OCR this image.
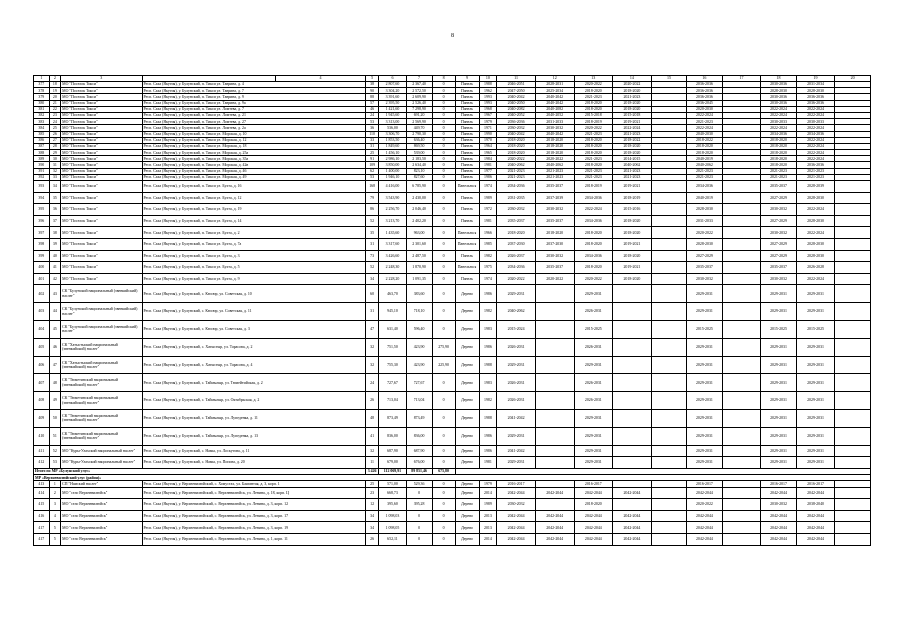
8
1	2	3		4	5	6	7	8	9	10	11	12	13	14	15	16	17	18	19	20
377	18	МО "Поселок Тикси"	Респ. Саха (Якутия), у. Булунский, п. Тикси ул. Таврина, д. 4		38	2 807,60	2 367,40	0	Панель	1988	2046-2051	2028-2031	2020-2022	2020-2022		2036-2036		2030-2036	2031-2034	
378	19	МО "Поселок Тикси"	Респ. Саха (Якутия), у. Булунский, п. Тикси ул. Таврина, д. 7		90	3 304,20	2 572,50	0	Панель	1962	2047-2050	2025-2034	2018-2020	2018-2020		2036-2036		2028-2030	2028-2030	
379	20	МО "Поселок Тикси"	Респ. Саха (Якутия), у. Булунский, п. Тикси ул. Таврина, д. 9		88	3 391,60	2 609,90	0	Панель	1993	2040-2042	2040-2042	2021-2023	2021-2023		2036-2036		2030-2036	2036-2036	
380	21	МО "Поселок Тикси"	Респ. Саха (Якутия), у. Булунский, п. Тикси ул. Таврина, д. 9а		57	2 395,50	2 526,40	0	Панель	1993	2040-2050	2040-2042	2018-2020	2018-2020		2036-2045		2030-2036	2036-2036	
381	22	МО "Поселок Тикси"	Респ. Саха (Якутия), у. Булунский, п. Тикси ул. Ломтева, д. 7		46	1 421,60	7 298,90	0	Панель	1968	2040-2082	2040-2082	2018-2020	2018-2020		2020-2030		2022-2024	2022-2024	
382	23	МО "Поселок Тикси"	Респ. Саха (Якутия), у. Булунский, п. Тикси ул. Ломтева, д. 21		24	1 945,60	691,20	0	Панель	1967	2040-2052	2040-2052	2015-2018	2015-2018		2022-2024		2022-2024	2022-2024	
383	24	МО "Поселок Тикси"	Респ. Саха (Якутия), у. Булунский, п. Тикси ул. Ломтева, д. 27		53	3 313,00	2 569,90	0	Панель	1979	2036-2036	2031-2033	2018-2019	2019-2021		2021-2023		2030-2033	2030-2033	
384	25	МО "Поселок Тикси"	Респ. Саха (Якутия), у. Булунский, п. Тикси ул. Ломтева, д. 2а		36	536,00	449,70	0	Панель	1971	2030-2032	2030-2032	2020-2022	2022-2024		2022-2024		2022-2024	2022-2024	
385	26	МО "Поселок Тикси"	Респ. Саха (Якутия), у. Булунский, п. Тикси ул. Морская, д. 10		110	3 306,70	2 790,30	0	Панель	1990	2040-2042	2040-2042	2021-2023	2021-2023		2040-2030		2034-2036	2034-2036	
386	27	МО "Поселок Тикси"	Респ. Саха (Якутия), у. Булунский, п. Тикси ул. Морская, д. 12		33	1 853,50	636,40	0	Панель	1970	2018-2020	2018-2020	2018-2020	2018-2022		2018-2022		2018-2020	2022-2024	
387	28	МО "Поселок Тикси"	Респ. Саха (Якутия), у. Булунский, п. Тикси ул. Морская, д. 18		31	1 849,60	869,50	0	Панель	1964	2018-2020	2018-2020	2018-2020	2018-2020		2018-2020		2018-2020	2022-2024	
388	29	МО "Поселок Тикси"	Респ. Саха (Якутия), у. Булунский, п. Тикси ул. Морская, д. 25а		25	1 456,10	539,00	0	Панель	1965	2018-2020	2018-2020	2018-2020	2018-2020		2018-2020		2018-2020	2022-2024	
389	30	МО "Поселок Тикси"	Респ. Саха (Якутия), у. Булунский, п. Тикси ул. Морская, д. 35а		91	2 986,10	2 183,50	0	Панель	1984	2020-2022	2020-2022	2021-2023	2014-2015		2040-2019		2018-2020	2022-2024	
390	31	МО "Поселок Тикси"	Респ. Саха (Якутия), у. Булунский, п. Тикси ул. Морская, д. 42в		109	3 850,00	2 634,40	0	Панель	1981	2040-2062	2040-2062	2018-2020	2040-2062		2040-2062		2018-2020	2036-2036	
391	32	МО "Поселок Тикси"	Респ. Саха (Якутия), у. Булунский, п. Тикси ул. Морская, д. 46		62	1 400,00	823,10	0	Панель	1977	2021-2023	2021-2023	2021-2023	2021-2023		2021-2023		2021-2023	2021-2023	
392	33	МО "Поселок Тикси"	Респ. Саха (Якутия), у. Булунский, п. Тикси ул. Морская, д. 49		53	1 946,10	827,60	0	Панель	1986	2021-2023	2021-2023	2021-2023	2021-2023		2021-2023		2021-2023	2021-2023	
393	34	МО "Поселок Тикси"	Респ. Саха (Якутия), у. Булунский, п. Тикси ул. Бухта, д. 16		168	4 416,00	6 785,90	0	Панельна я	1974	2034-2036	2035-2037	2018-2019	2019-2021		2034-2036		2035-2037	2028-2039	
394	35	МО "Поселок Тикси"	Респ. Саха (Якутия), у. Булунский, п. Тикси ул. Бухта, д. 12		79	3 543,90	2 430,00	0	Панель	1989	2031-2035	2037-2039	2034-2036	2018-2019		2040-2019		2027-2029	2028-2030	
395	36	МО "Поселок Тикси"	Респ. Саха (Якутия), у. Булунский, п. Тикси ул. Бухта, д. 19		86	2 256,70	2 046,40	0	Панель	1972	2030-2032	2030-2032	2022-2024	2015-2016		2028-2030		2030-2032	2022-2024	
396	37	МО "Поселок Тикси"	Респ. Саха (Якутия), у. Булунский, п. Тикси ул. Бухта, д. 14		52	3 213,70	2 402,20	0	Панель	1981	2035-2037	2035-2037	2034-2036	2018-2020		2031-2033		2027-2029	2028-2030	
397	38	МО "Поселок Тикси"	Респ. Саха (Якутия), у. Булунский, п. Тикси ул. Бухта, д. 2		35	1 435,60	963,00	0	Панельна я	1966	2018-2020	2018-2020	2018-2020	2018-2020		2020-2022		2030-2032	2022-2024	
398	39	МО "Поселок Тикси"	Респ. Саха (Якутия), у. Булунский, п. Тикси ул. Бухта, д. 7а		31	3 317,60	2 301,60	0	Панельна я	1985	2037-2030	2037-2030	2018-2020	2019-2021		2028-2030		2027-2029	2028-2030	
399	40	МО "Поселок Тикси"	Респ. Саха (Якутия), у. Булунский, п. Тикси ул. Бухта, д. 3		73	3 426,60	2 487,50	0	Панель	1982	2026-2037	2030-2032	2034-2036	2018-2020		2027-2029		2027-2029	2028-2030	
400	41	МО "Поселок Тикси"	Респ. Саха (Якутия), у. Булунский, п. Тикси ул. Бухта, д. 5		52	2 248,30	1 870,90	0	Панельна я	1975	2034-2036	2035-2037	2018-2020	2019-2021		2035-2037		2035-2037	2026-2028	
401	42	МО "Поселок Тикси"	Респ. Саха (Якутия), у. Булунский, п. Тикси ул. Бухта, д. 9		34	2 228,20	1 091,35	0	Панель	1974	2020-2022	2020-2022	2020-2022	2018-2020		2030-2032		2030-2032	2022-2024	
402	43	СК "Булунский национальный (эвенкийский) наслег"	Респ. Саха (Якутия), у. Булунский, с. Кюсюр, ул. Советская, д. 10		60	463,70	383,60	0	Дерево	1986	2029-2031		2029-2031			2029-2031		2029-2031	2029-2031	
403	44	СК "Булунский национальный (эвенкийский) наслег"	Респ. Саха (Якутия), у. Булунский, с. Кюсюр, ул. Советская, д. 11		31	945,10	718,10	0	Дерево	1982	2040-2062		2026-2031			2029-2031		2029-2031	2029-2031	
404	45	СК "Булунский национальный (эвенкийский) наслег"	Респ. Саха (Якутия), у. Булунский, с. Кюсюр, ул. Советская, д. 3		47	631,40	596,40	0	Дерево	1983	2015-2024		2015-2025			2015-2025		2015-2025	2015-2025	
405	46	СК "Хатыстыский национальный (эвенкийский) наслег"	Респ. Саха (Якутия), у. Булунский, с. Хатыстыр, ул. Тарасова, д. 2		32	751,50	423,90	275,90	Дерево	1986	2026-2031		2026-2031			2029-2031		2029-2031	2029-2031	
406	47	СК "Хатыстыский национальный (эвенкийский) наслег"	Респ. Саха (Якутия), у. Булунский, с. Хатыстыр, ул. Тарасова, д. 4		32	755,30	423,90	225,90	Дерево	1988	2029-2031		2029-2031			2029-2031		2029-2031	2029-2031	
407	48	СК "Тюметинский национальный (эвенкийский) наслег"	Респ. Саха (Якутия), у. Булунский, с. Таймылыр, ул. Тюмейтийская, д. 2		24	727,67	727,67	0	Дерево	1983	2026-2031		2026-2031			2029-2031		2029-2031	2029-2031	
408	49	СК "Тюметинский национальный (эвенкийский) наслег"	Респ. Саха (Якутия), у. Булунский, с. Таймылыр, ул. Октябрьская, д. 2		26	713,04	713,04	0	Дерево	1982	2026-2031		2026-2031			2029-2031		2029-2031	2029-2031	
409	50	СК "Тюметинский национальный (эвенкийский) наслег"	Респ. Саха (Якутия), у. Булунский, с. Таймылыр, ул. Лупеденка, д. 11		48	873,49	873,49	0	Дерево	1988	2041-2042		2029-2031			2029-2031		2029-2031	2029-2031	
410	51	СК "Тюметинский национальный (эвенкийский) наслег"	Респ. Саха (Якутия), у. Булунский, с. Таймылыр, ул. Лупеденка, д. 13		41	836,00	836,00	0	Дерево	1986	2029-2031		2029-2031			2029-2031		2029-2031	2029-2031	
411	52	МО "Куры-Улахский национальный наслег"	Респ. Саха (Якутия), у. Булунский, с. Намы, ул. Лоскутова, д. 11		32	687,90	687,90	0	Дерево	1986	2041-2042		2029-2031			2029-2031		2029-2031	2029-2031	
412	53	МО "Куры-Улахский национальный наслег"	Респ. Саха (Якутия), у. Булунский, с. Намы, ул. Попова, д. 20		11	679,00	676,00	0	Дерево	1981	2029-2031		2029-2031			2029-2031		2029-2031	2029-2031	
Итого по МР «Булунский улус»					3 426	112 069,91	89 851,46	675,80												
МР «Верхневилюйский улус (район)»																				
413	1	СП "Намский наслег"	Респ. Саха (Якутия), у. Верхневилюйский, с. Хомустах, ул. Баягантая, д. 3, корп. 1		25	571,00	529,36	0	Дерево	1979	2016-2017		2016-2017			2016-2017		2016-2017	2016-2017	
414	2	МО "село Верхневилюйск"	Респ. Саха (Якутия), у. Верхневилюйский, с. Верхневилюйск, ул. Ленина, д. 18, корп. Ц		23	668,73	0	0	Дерево	2014	2042-2044	2042-2044	2042-2044	2042-2044		2042-2044		2042-2044	2042-2044	
415	3	МО "село Верхневилюйск"	Респ. Саха (Якутия), у. Верхневилюйский, с. Верхневилюйск, ул. Ленина, д. 3, корп. 12		12	395,60	395,28	0	Дерево	1989	2030-2032		2018-2020			2020-2022		2030-2032	2038-2040	
416	4	МО "село Верхневилюйск"	Респ. Саха (Якутия), у. Верхневилюйский, с. Верхневилюйск, ул. Ленина, д. 3, корп. 17		34	1 098,03	0	0	Дерево	2013	2042-2044	2042-2044	2042-2044	2042-2044		2042-2044		2042-2044	2042-2044	
417	5	МО "село Верхневилюйск"	Респ. Саха (Якутия), у. Верхневилюйский, с. Верхневилюйск, ул. Ленина, д. 3, корп. 19		34	1 098,05	0	0	Дерево	2013	2042-2044	2042-2044	2042-2044	2042-2044		2042-2044		2042-2044	2042-2044	
417	5	МО "село Верхневилюйск"	Респ. Саха (Якутия), у. Верхневилюйский, с. Верхневилюйск, ул. Ленина, д. 1, корп. 11		26	652,11	0	0	Дерево	2014	2042-2044	2042-2044	2042-2044	2042-2044		2042-2044		2042-2044	2042-2044	
